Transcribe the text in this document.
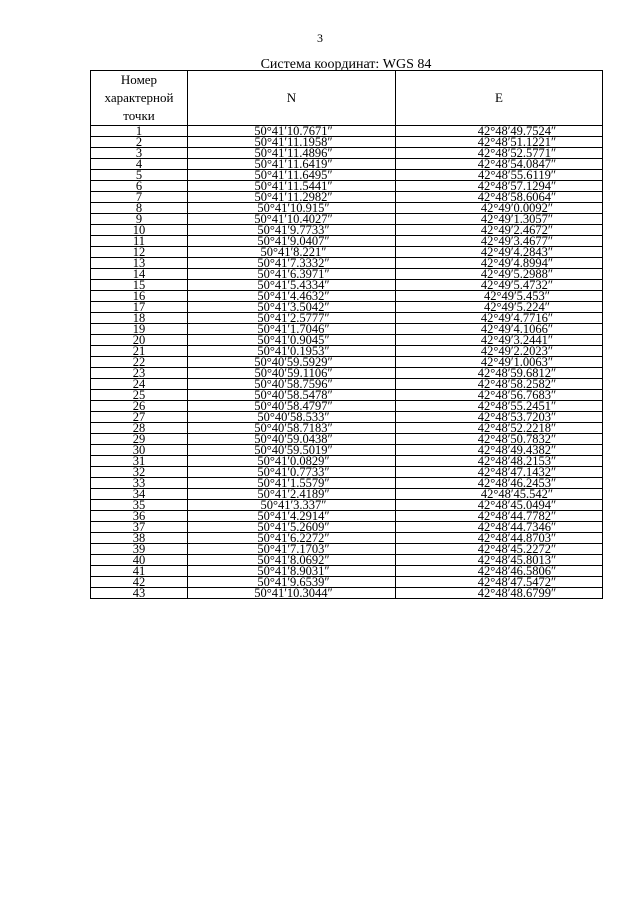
3
Система координат: WGS 84
Номер характерной точки	N	E
1	50°41′10.7671″	42°48′49.7524″
2	50°41′11.1958″	42°48′51.1221″
3	50°41′11.4896″	42°48′52.5771″
4	50°41′11.6419″	42°48′54.0847″
5	50°41′11.6495″	42°48′55.6119″
6	50°41′11.5441″	42°48′57.1294″
7	50°41′11.2982″	42°48′58.6064″
8	50°41′10.915″	42°49′0.0092″
9	50°41′10.4027″	42°49′1.3057″
10	50°41′9.7733″	42°49′2.4672″
11	50°41′9.0407″	42°49′3.4677″
12	50°41′8.221″	42°49′4.2843″
13	50°41′7.3332″	42°49′4.8994″
14	50°41′6.3971″	42°49′5.2988″
15	50°41′5.4334″	42°49′5.4732″
16	50°41′4.4632″	42°49′5.453″
17	50°41′3.5042″	42°49′5.224″
18	50°41′2.5777″	42°49′4.7716″
19	50°41′1.7046″	42°49′4.1066″
20	50°41′0.9045″	42°49′3.2441″
21	50°41′0.1953″	42°49′2.2023″
22	50°40′59.5929″	42°49′1.0063″
23	50°40′59.1106″	42°48′59.6812″
24	50°40′58.7596″	42°48′58.2582″
25	50°40′58.5478″	42°48′56.7683″
26	50°40′58.4797″	42°48′55.2451″
27	50°40′58.533″	42°48′53.7203″
28	50°40′58.7183″	42°48′52.2218″
29	50°40′59.0438″	42°48′50.7832″
30	50°40′59.5019″	42°48′49.4382″
31	50°41′0.0829″	42°48′48.2153″
32	50°41′0.7733″	42°48′47.1432″
33	50°41′1.5579″	42°48′46.2453″
34	50°41′2.4189″	42°48′45.542″
35	50°41′3.337″	42°48′45.0494″
36	50°41′4.2914″	42°48′44.7782″
37	50°41′5.2609″	42°48′44.7346″
38	50°41′6.2272″	42°48′44.8703″
39	50°41′7.1703″	42°48′45.2272″
40	50°41′8.0692″	42°48′45.8013″
41	50°41′8.9031″	42°48′46.5806″
42	50°41′9.6539″	42°48′47.5472″
43	50°41′10.3044″	42°48′48.6799″
